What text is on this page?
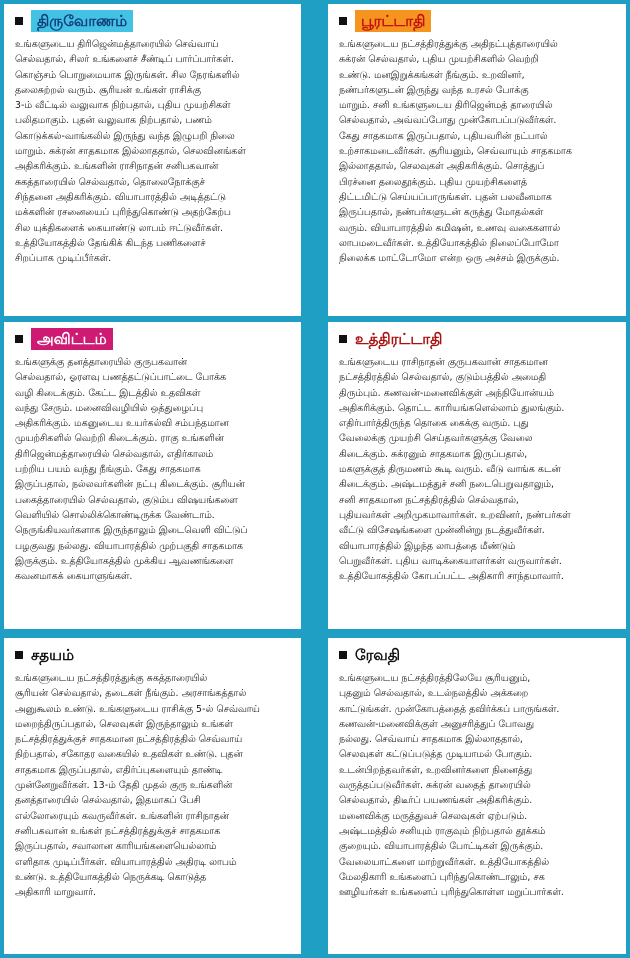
திருவோணம்
உங்களுடைய திரிஜென்மத்தாரையில் செவ்வாய்
செல்வதால், சிலர் உங்களைச் சீண்டிப் பார்ப்பார்கள்.
கொஞ்சம் பொறுமையாக இருங்கள். சில நேரங்களில்
தலைசுற்றல் வரும். சூரியன் உங்கள் ராசிக்கு
3-ம் வீட்டில் வலுவாக நிற்பதால், புதிய முயற்சிகள்
பலிதமாகும். புதன் வலுவாக நிற்பதால், பணம்
கொடுக்கல்-வாங்கலில் இருந்து வந்த இழுபறி நிலை
மாறும். சுக்ரன் சாதகமாக இல்லாததால், செலவினங்கள்
அதிகரிக்கும். உங்களின் ராசிநாதன் சனிபகவான்
சுகத்தாரையில் செல்வதால், தொலைநோக்குச்
சிந்தனை அதிகரிக்கும். வியாபாரத்தில் அடித்தட்டு
மக்களின் ரசனையைப் புரிந்துகொண்டு அதற்கேற்ப
சில யுக்திகளைக் கையாண்டு லாபம் ஈட்டுவீர்கள்.
உத்தியோகத்தில் தேங்கிக் கிடந்த பணிகளைச்
சிறப்பாக முடிப்பீர்கள்.
பூரட்டாதி
உங்களுடைய நட்சத்திரத்துக்கு அதிநட்புத்தாரையில்
சுக்ரன் செல்வதால், புதிய முயற்சிகளில் வெற்றி
உண்டு. மனஇறுக்கங்கள் நீங்கும். உறவினர்,
நண்பர்களுடன் இருந்து வந்த உரசல் போக்கு
மாறும். சனி உங்களுடைய திரிஜென்மத் தாரையில்
செல்வதால், அவ்வப்போது முன்கோபப்படுவீர்கள்.
கேது சாதகமாக இருப்பதால், புதியவரின் நட்பால்
உற்சாகமடைவீர்கள். சூரியனும், செவ்வாயும் சாதகமாக
இல்லாததால், செலவுகள் அதிகரிக்கும். சொத்துப்
பிரச்னை தலைதூக்கும். புதிய முயற்சிகளைத்
திட்டமிட்டு செய்யப்பாருங்கள். புதன் பலவீனமாக
இருப்பதால், நண்பர்களுடன் கருத்து மோதல்கள்
வரும். வியாபாரத்தில் கமிஷன், உணவு வகைகளால்
லாபமடைவீர்கள். உத்தியோகத்தில் நிலைப்போமோ
நிலைக்க மாட்டோமோ என்ற ஒரு அச்சம் இருக்கும்.
அவிட்டம்
உங்களுக்கு தனத்தாரையில் குருபகவான்
செல்வதால், ஓரளவு பணத்தட்டுப்பாட்டை போக்க
வழி கிடைக்கும். கேட்ட இடத்தில் உதவிகள்
வந்து சேரும். மனைவிவழியில் ஒத்துழைப்பு
அதிகரிக்கும். மகனுடைய உயர்கல்வி சம்பந்தமான
முயற்சிகளில் வெற்றி கிடைக்கும். ராகு உங்களின்
திரிஜென்மத்தாரையில் செல்வதால், எதிர்காலம்
பற்றிய பயம் வந்து நீங்கும். கேது சாதகமாக
இருப்பதால், நல்லவர்களின் நட்பு கிடைக்கும். சூரியன்
பகைத்தாரையில் செல்வதால், குடும்ப விஷயங்களை
வெளியில் சொல்லிக்கொண்டிருக்க வேண்டாம்.
நெருங்கியவர்களாக இருந்தாலும் இடைவெளி விட்டுப்
பழகுவது நல்லது. வியாபாரத்தில் முற்பகுதி சாதகமாக
இருக்கும். உத்தியோகத்தில் முக்கிய ஆவணங்களை
கவனமாகக் கையாளுங்கள்.
உத்திரட்டாதி
உங்களுடைய ராசிநாதன் குருபகவான் சாதகமான
நட்சத்திரத்தில் செல்வதால், குடும்பத்தில் அமைதி
திரும்பும். கணவன்-மனைவிக்குள் அந்நியோன்யம்
அதிகரிக்கும். தொட்ட காரியங்களெல்லாம் துலங்கும்.
எதிர்பார்த்திருந்த தொகை கைக்கு வரும். புது
வேலைக்கு முயற்சி செய்தவர்களுக்கு வேலை
கிடைக்கும். சுக்ரனும் சாதகமாக இருப்பதால்,
மகளுக்குத் திருமணம் கூடி வரும். வீடு வாங்க கடன்
கிடைக்கும். அஷ்டமத்துச் சனி நடைபெறுவதாலும்,
சனி சாதகமான நட்சத்திரத்தில் செல்வதால்,
புதியவர்கள் அறிமுகமாவார்கள். உறவினர், நண்பர்கள்
வீட்டு விசேஷங்களை முன்னின்று நடத்துவீர்கள்.
வியாபாரத்தில் இழந்த லாபத்தை மீண்டும்
பெறுவீர்கள். புதிய வாடிக்கையாளர்கள் வருவார்கள்.
உத்தியோகத்தில் கோபப்பட்ட அதிகாரி சாந்தமாவார்.
சதயம்
உங்களுடைய நட்சத்திரத்துக்கு சுகத்தாரையில்
சூரியன் செல்வதால், தடைகள் நீங்கும். அரசாங்கத்தால்
அனுகூலம் உண்டு. உங்களுடைய ராசிக்கு 5-ல் செவ்வாய்
மறைந்திருப்பதால், செலவுகள் இருந்தாலும் உங்கள்
நட்சத்திரத்துக்குச் சாதகமான நட்சத்திரத்தில் செவ்வாய்
நிற்பதால், சகோதர வகையில் உதவிகள் உண்டு. புதன்
சாதகமாக இருப்பதால், எதிர்ப்புகளையும் தாண்டி
முன்னேறுவீர்கள். 13-ம் தேதி முதல் குரு உங்களின்
தனத்தாரையில் செல்வதால், இதமாகப் பேசி
எல்லோரையும் கவருவீர்கள். உங்களின் ராசிநாதன்
சனிபகவான் உங்கள் நட்சத்திரத்துக்குச் சாதகமாக
இருப்பதால், சவாலான காரியங்களையெல்லாம்
எளிதாக முடிப்பீர்கள். வியாபாரத்தில் அதிரடி லாபம்
உண்டு. உத்தியோகத்தில் நெருக்கடி கொடுத்த
அதிகாரி மாறுவார்.
ரேவதி
உங்களுடைய நட்சத்திரத்திலேயே சூரியனும்,
புதனும் செல்வதால், உடல்நலத்தில் அக்கறை
காட்டுங்கள். முன்கோபத்தைத் தவிர்க்கப் பாருங்கள்.
கணவன்-மனைவிக்குள் அனுசரித்துப் போவது
நல்லது. செவ்வாய் சாதகமாக இல்லாததால்,
செலவுகள் கட்டுப்படுத்த முடியாமல் போகும்.
உடன்பிறந்தவர்கள், உறவினர்களை நினைத்து
வருத்தப்படுவீர்கள். சுக்ரன் வதைத் தாரையில்
செல்வதால், திடீர்ப் பயணங்கள் அதிகரிக்கும்.
மனைவிக்கு மருத்துவச் செலவுகள் ஏற்படும்.
அஷ்டமத்தில் சனியும் ராகுவும் நிற்பதால் தூக்கம்
குறையும். வியாபாரத்தில் போட்டிகள் இருக்கும்.
வேலையாட்களை மாற்றுவீர்கள். உத்தியோகத்தில்
மேலதிகாரி உங்களைப் புரிந்துகொண்டாலும், சக
ஊழியர்கள் உங்களைப் புரிந்துகொள்ள மறுப்பார்கள்.
